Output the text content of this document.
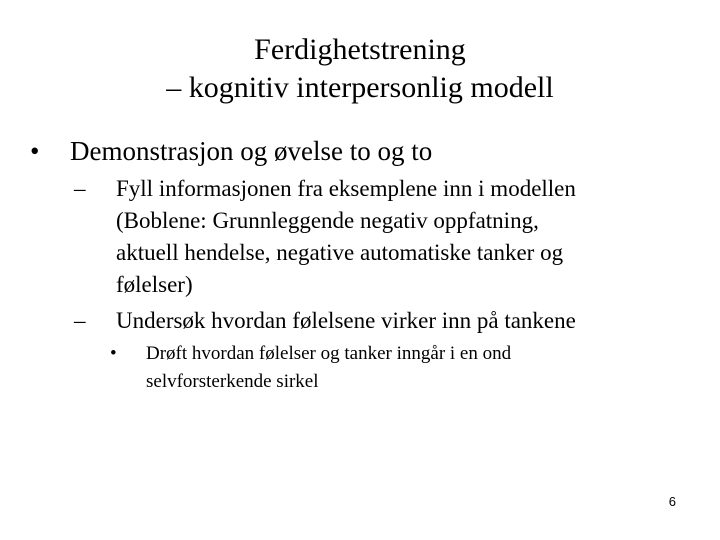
Ferdighetstrening
– kognitiv interpersonlig modell
• Demonstrasjon og øvelse to og to
– Fyll informasjonen fra eksemplene inn i modellen
(Boblene: Grunnleggende negativ oppfatning,
aktuell hendelse, negative automatiske tanker og
følelser)
– Undersøk hvordan følelsene virker inn på tankene
• Drøft hvordan følelser og tanker inngår i en ond
selvforsterkende sirkel
6
